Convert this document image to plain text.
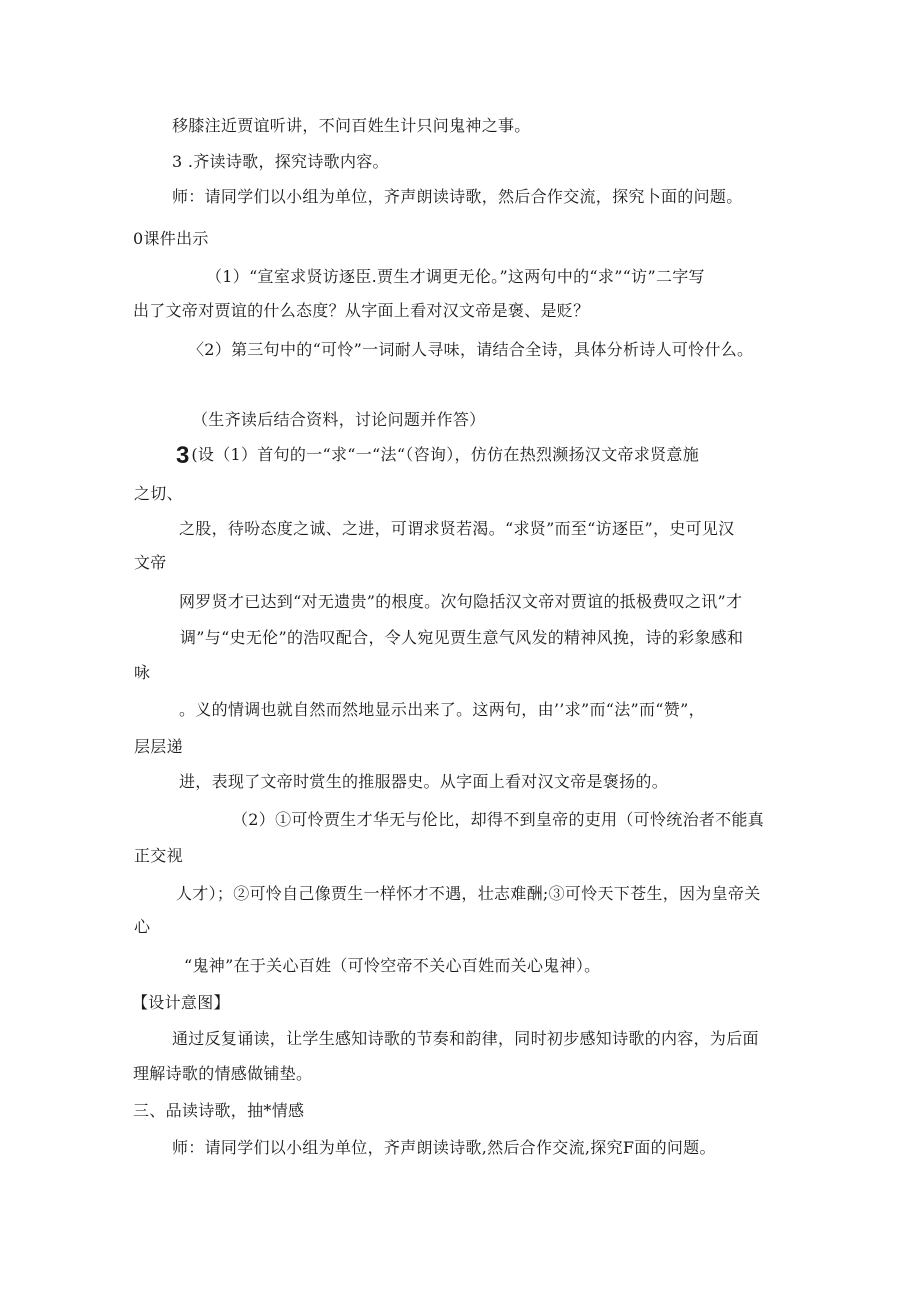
移膝注近贾谊听讲，不问百姓生计只问鬼神之事。
3 .齐读诗歌，探究诗歌内容。
师：请同学们以小组为单位，齐声朗读诗歌，然后合作交流，探究卜面的问题。
0课件出示
（1）“宣室求贤访逐臣.贾生才调更无伦。”这两句中的“求”“访”二字写
出了文帝对贾谊的什么态度？从字面上看对汉文帝是褒、是贬？
〈2）第三句中的“可怜”一词耐人寻味，请结合全诗，具体分析诗人可怜什么。
（生齐读后结合资料，讨论问题并作答）
3 (设（1）首句的一“求“一“法“（咨询），仿仿在热烈濒扬汉文帝求贤意施
之切、
之股，待吩态度之诚、之进，可谓求贤若渴。“求贤”而至“访逐臣”，史可见汉
文帝
网罗贤才已达到“对无遗贵”的根度。次句隐括汉文帝对贾谊的抵极费叹之讯”才
调”与“史无伦”的浩叹配合，令人宛见贾生意气风发的精神风挽，诗的彩象感和
咏
。义的情调也就自然而然地显示出来了。这两句，由’’求”而“法”而“赞”，
层层递
进，表现了文帝时赏生的推服器史。从字面上看对汉文帝是褒扬的。
（2）①可怜贾生才华无与伦比，却得不到皇帝的吏用（可怜统治者不能真
正交视
人才）；②可怜自己像贾生一样怀才不遇，壮志难酬;③可怜天下苍生，因为皇帝关
心
“鬼神”在于关心百姓（可怜空帝不关心百姓而关心鬼神）。
【设计意图】
通过反复诵读，让学生感知诗歌的节奏和韵律，同时初步感知诗歌的内容，为后面
理解诗歌的情感做铺垫。
三、品读诗歌，抽*情感
师：请同学们以小组为单位，齐声朗读诗歌,然后合作交流,探究F面的问题。
